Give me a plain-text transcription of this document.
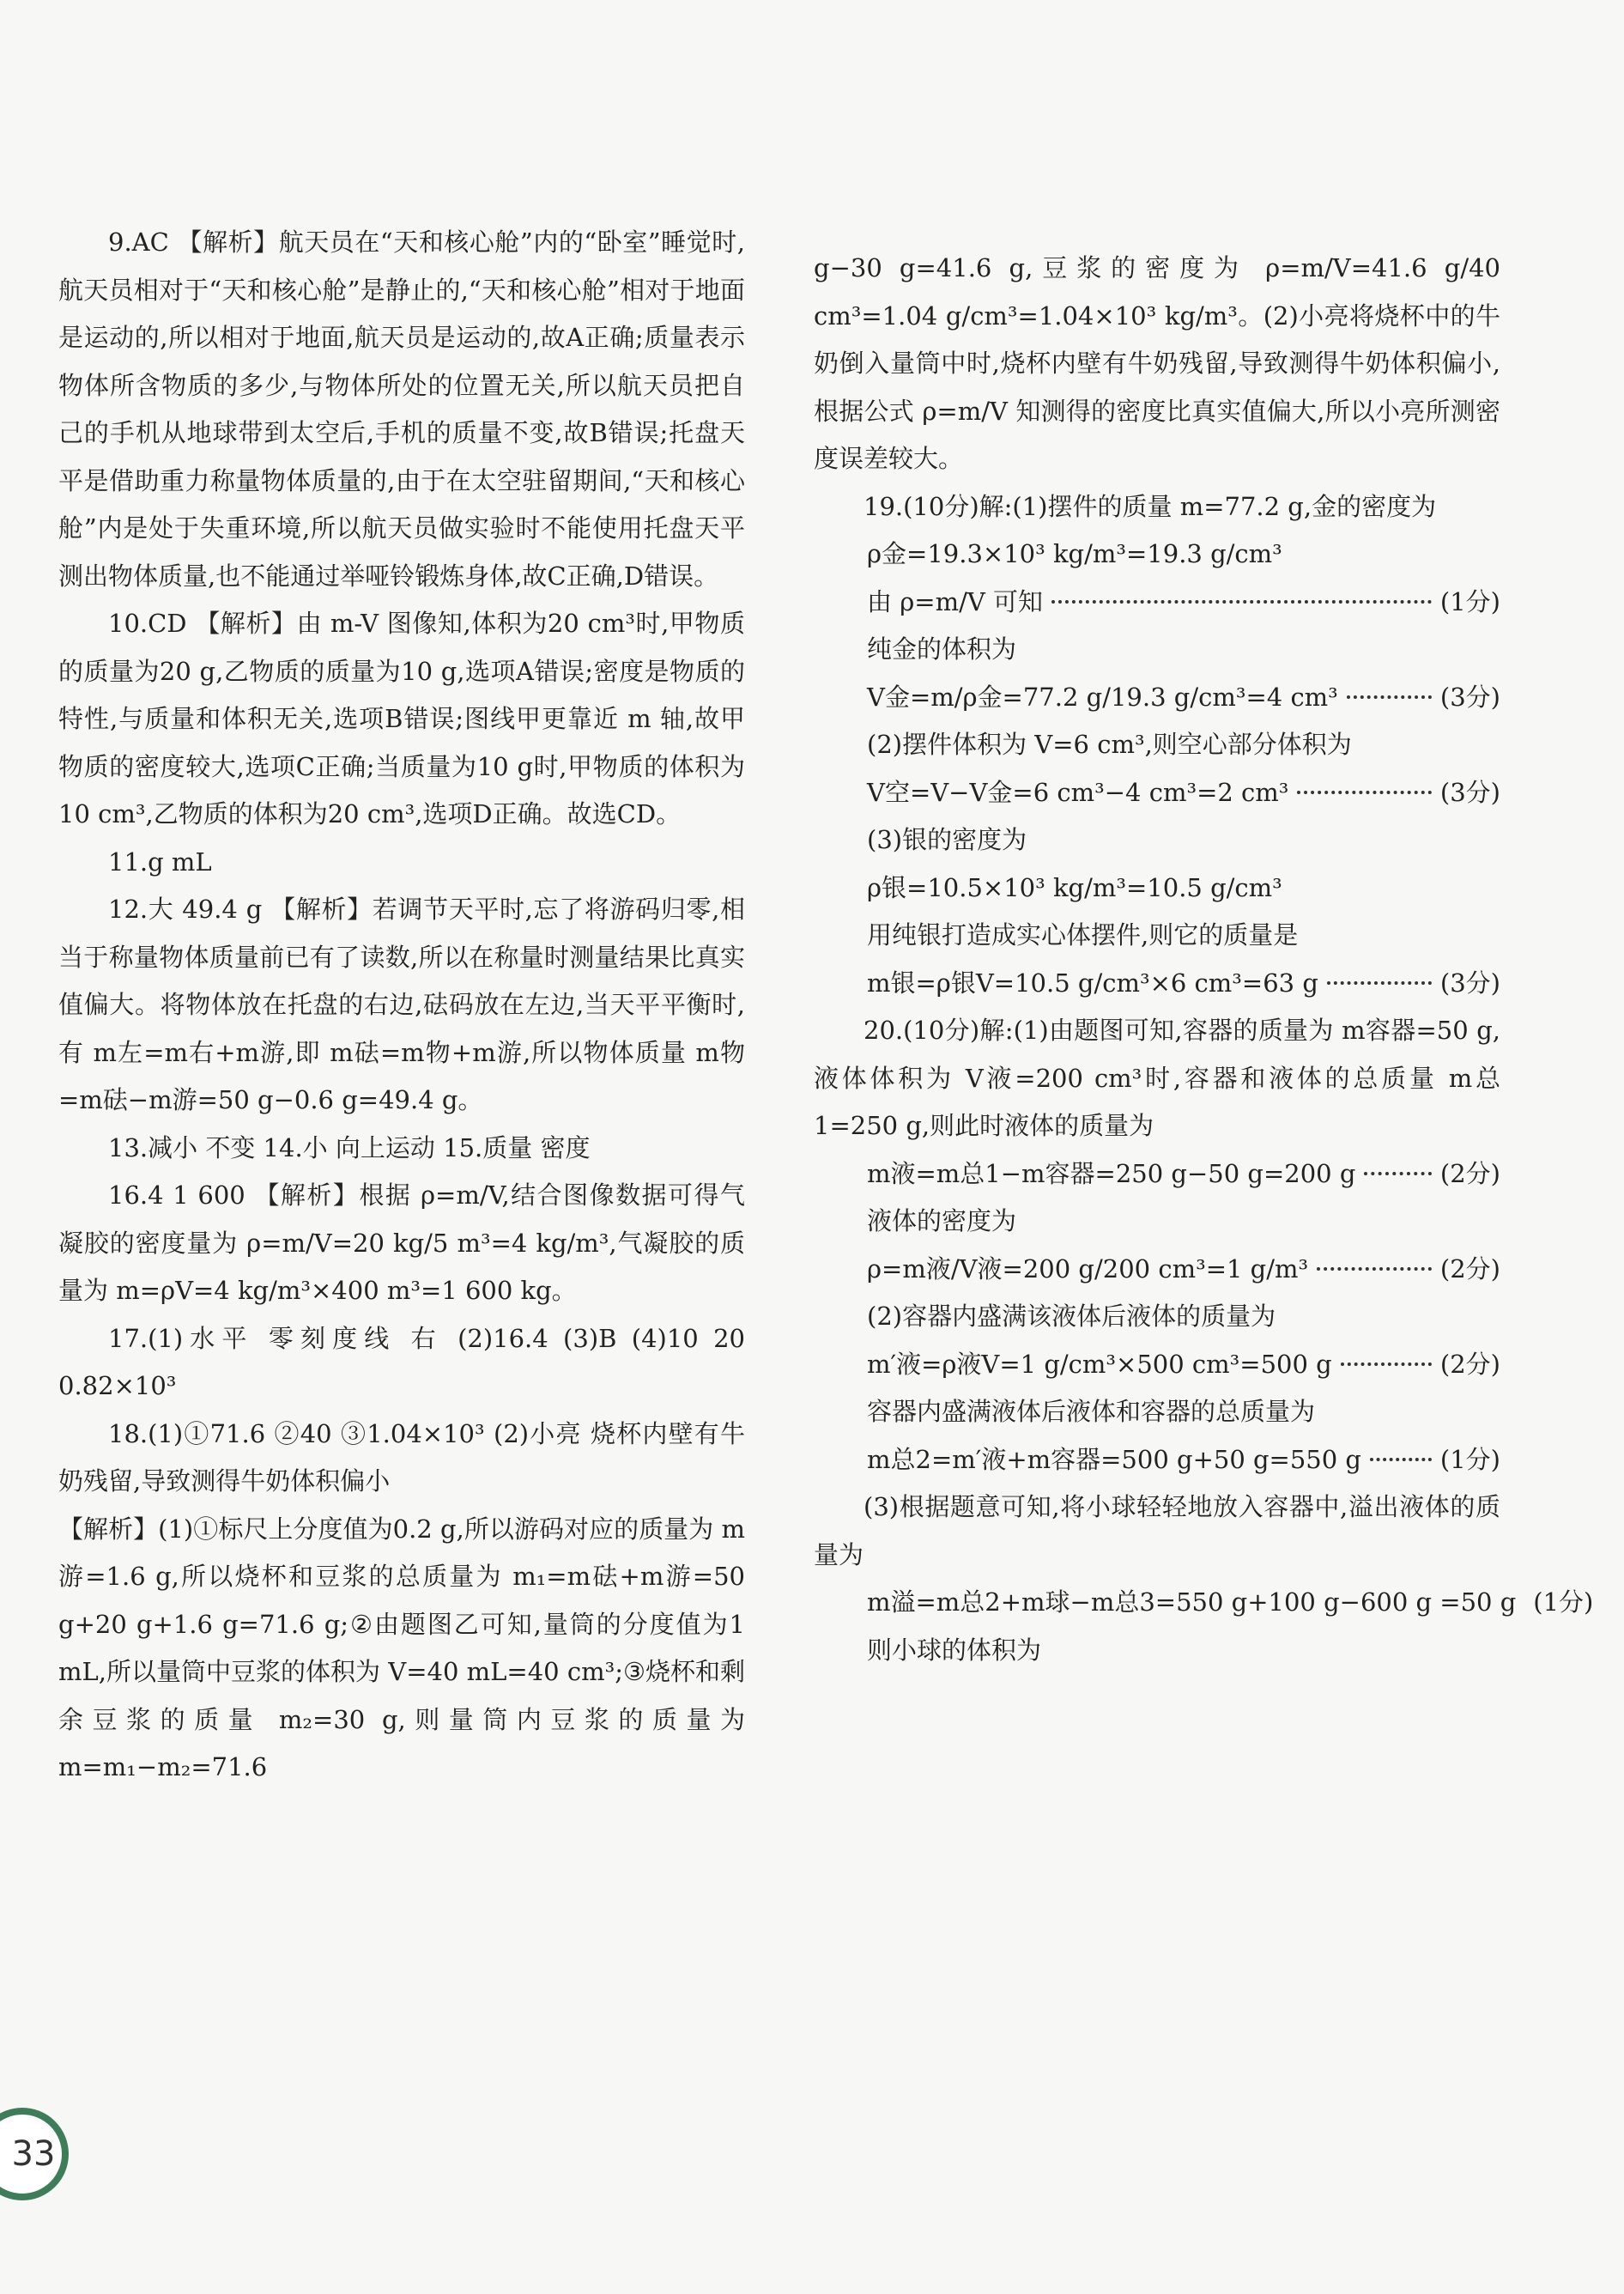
9.AC 【解析】航天员在“天和核心舱”内的“卧室”睡觉时,航天员相对于“天和核心舱”是静止的,“天和核心舱”相对于地面是运动的,所以相对于地面,航天员是运动的,故A正确;质量表示物体所含物质的多少,与物体所处的位置无关,所以航天员把自己的手机从地球带到太空后,手机的质量不变,故B错误;托盘天平是借助重力称量物体质量的,由于在太空驻留期间,“天和核心舱”内是处于失重环境,所以航天员做实验时不能使用托盘天平测出物体质量,也不能通过举哑铃锻炼身体,故C正确,D错误。

10.CD 【解析】由 m-V 图像知,体积为20 cm³时,甲物质的质量为20 g,乙物质的质量为10 g,选项A错误;密度是物质的特性,与质量和体积无关,选项B错误;图线甲更靠近 m 轴,故甲物质的密度较大,选项C正确;当质量为10 g时,甲物质的体积为10 cm³,乙物质的体积为20 cm³,选项D正确。故选CD。

11.g mL

12.大 49.4 g 【解析】若调节天平时,忘了将游码归零,相当于称量物体质量前已有了读数,所以在称量时测量结果比真实值偏大。将物体放在托盘的右边,砝码放在左边,当天平平衡时,有 m左=m右+m游,即 m砝=m物+m游,所以物体质量 m物=m砝−m游=50 g−0.6 g=49.4 g。

13.减小 不变 14.小 向上运动 15.质量 密度

16.4 1 600 【解析】根据 ρ=m/V,结合图像数据可得气凝胶的密度量为 ρ=m/V=20 kg/5 m³=4 kg/m³,气凝胶的质量为 m=ρV=4 kg/m³×400 m³=1 600 kg。

17.(1)水平 零刻度线 右 (2)16.4 (3)B (4)10 20 0.82×10³

18.(1)①71.6 ②40 ③1.04×10³ (2)小亮 烧杯内壁有牛奶残留,导致测得牛奶体积偏小

【解析】(1)①标尺上分度值为0.2 g,所以游码对应的质量为 m游=1.6 g,所以烧杯和豆浆的总质量为 m₁=m砝+m游=50 g+20 g+1.6 g=71.6 g;②由题图乙可知,量筒的分度值为1 mL,所以量筒中豆浆的体积为 V=40 mL=40 cm³;③烧杯和剩余豆浆的质量 m₂=30 g,则量筒内豆浆的质量为 m=m₁−m₂=71.6

g−30 g=41.6 g,豆浆的密度为 ρ=m/V=41.6 g/40 cm³=1.04 g/cm³=1.04×10³ kg/m³。(2)小亮将烧杯中的牛奶倒入量筒中时,烧杯内壁有牛奶残留,导致测得牛奶体积偏小,根据公式 ρ=m/V 知测得的密度比真实值偏大,所以小亮所测密度误差较大。

19.(10分)解:(1)摆件的质量 m=77.2 g,金的密度为

ρ金=19.3×10³ kg/m³=19.3 g/cm³

由 ρ=m/V 可知	(1分)

纯金的体积为

V金=m/ρ金=77.2 g/19.3 g/cm³=4 cm³	(3分)

(2)摆件体积为 V=6 cm³,则空心部分体积为

V空=V−V金=6 cm³−4 cm³=2 cm³	(3分)

(3)银的密度为

ρ银=10.5×10³ kg/m³=10.5 g/cm³

用纯银打造成实心体摆件,则它的质量是

m银=ρ银V=10.5 g/cm³×6 cm³=63 g	(3分)

20.(10分)解:(1)由题图可知,容器的质量为 m容器=50 g,液体体积为 V液=200 cm³时,容器和液体的总质量 m总1=250 g,则此时液体的质量为

m液=m总1−m容器=250 g−50 g=200 g	(2分)

液体的密度为

ρ=m液/V液=200 g/200 cm³=1 g/m³	(2分)

(2)容器内盛满该液体后液体的质量为

m′液=ρ液V=1 g/cm³×500 cm³=500 g	(2分)

容器内盛满液体后液体和容器的总质量为

m总2=m′液+m容器=500 g+50 g=550 g	(1分)

(3)根据题意可知,将小球轻轻地放入容器中,溢出液体的质量为

m溢=m总2+m球−m总3=550 g+100 g−600 g =50 g (1分)

则小球的体积为

33
